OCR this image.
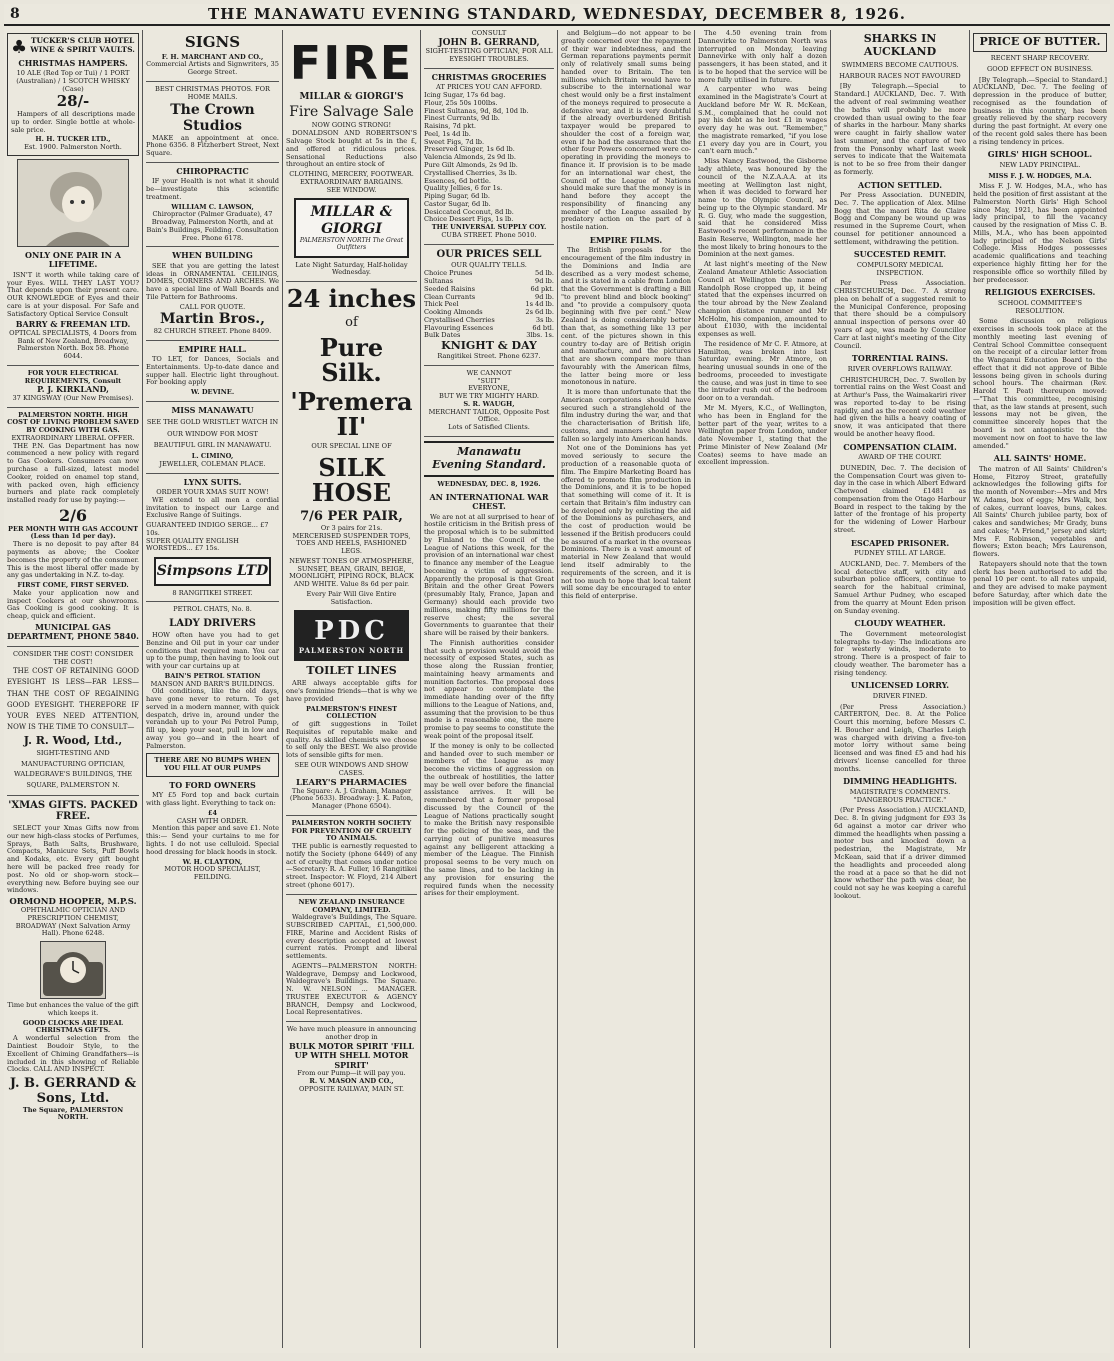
8	THE MANAWATU EVENING STANDARD, WEDNESDAY, DECEMBER 8, 1926.
♣ TUCKER'S CLUB HOTEL WINE & SPIRIT VAULTS.
CHRISTMAS HAMPERS.
10 ALE (Red Top or Tui) / 1 PORT (Australian) / 1 SCOTCH WHISKY (Case)
28/-

Hampers of all descriptions made up to order. Single bottle at whole-sale price.

H. H. TUCKER LTD.,
Est. 1900. Palmerston North.
ONLY ONE PAIR IN A LIFETIME.

ISN'T it worth while taking care of your Eyes. WILL THEY LAST YOU? That depends upon their present care. OUR KNOWLEDGE of Eyes and their care is at your disposal. For Safe and Satisfactory Optical Service Consult

BARRY & FREEMAN LTD.

OPTICAL SPECIALISTS, 4 Doors from Bank of New Zealand, Broadway, Palmerston North. Box 58. Phone 6044.

FOR YOUR ELECTRICAL REQUIREMENTS, Consult
P. J. KIRKLAND,
37 KINGSWAY (Our New Premises).
PALMERSTON NORTH. HIGH COST OF LIVING PROBLEM SAVED BY COOKING WITH GAS.
EXTRAORDINARY LIBERAL OFFER.

THE P.N. Gas Department has now commenced a new policy with regard to Gas Cookers. Consumers can now purchase a full-sized, latest model Cooker, roided on enamel top stand, with packed oven, high efficiency burners and plate rack completely installed ready for use by paying:—

2/6
PER MONTH WITH GAS ACCOUNT (Less than 1d per day).

There is no deposit to pay after 84 payments as above; the Cooker becomes the property of the consumer. This is the most liberal offer made by any gas undertaking in N.Z. to-day.

FIRST COME, FIRST SERVED.

Make your application now and inspect Cookers at our showrooms. Gas Cooking is good cooking. It is cheap, quick and efficient.

MUNICIPAL GAS DEPARTMENT, PHONE 5840.
CONSIDER THE COST! CONSIDER THE COST!

THE COST OF RETAINING GOOD EYESIGHT IS LESS—FAR LESS—THAN THE COST OF REGAINING GOOD EYESIGHT. THEREFORE IF YOUR EYES NEED ATTENTION, NOW IS THE TIME TO CONSULT—

J. R. Wood, Ltd.,

SIGHT-TESTING AND MANUFACTURING OPTICIAN, WALDEGRAVE'S BUILDINGS, THE SQUARE, PALMERSTON N.

'XMAS GIFTS. PACKED FREE.

SELECT your Xmas Gifts now from our new high-class stocks of Perfumes, Sprays, Bath Salts, Brushware, Compacts, Manicure Sets, Puff Bowls and Kodaks, etc. Every gift bought here will be packed free ready for post. No old or shop-worn stock—everything new. Before buying see our windows.

ORMOND HOOPER, M.P.S.

OPHTHALMIC OPTICIAN AND PRESCRIPTION CHEMIST, BROADWAY (Next Salvation Army Hall). Phone 6248.

Time but enhances the value of the gift which keeps it.

GOOD CLOCKS ARE IDEAL CHRISTMAS GIFTS.

A wonderful selection from the Daintiest Boudoir Style, to the Excellent of Chiming Grandfathers—is included in this showing of Reliable Clocks. CALL AND INSPECT.

J. B. GERRAND & Sons, Ltd.
The Square, PALMERSTON NORTH.
SIGNS
F. H. MARCHANT AND CO.,
Commercial Artists and Signwriters, 35 George Street.
BEST CHRISTMAS PHOTOS. FOR HOME MAILS.
The Crown Studios

MAKE an appointment at once. Phone 6356. 8 Fitzherbert Street, Next Square.

CHIROPRACTIC

IF your Health is not what it should be—investigate this scientific treatment.

WILLIAM C. LAWSON,

Chiropractor (Palmer Graduate), 47 Broadway, Palmerston North, and at Bain's Buildings, Feilding. Consultation Free. Phone 6178.

WHEN BUILDING

SEE that you are getting the latest ideas in ORNAMENTAL CEILINGS, DOMES, CORNERS AND ARCHES. We have a special line of Wall Boards and Tile Pattern for Bathrooms.

CALL FOR QUOTE.
Martin Bros.,
82 CHURCH STREET. Phone 8409.
EMPIRE HALL.

TO LET, for Dances, Socials and Entertainments. Up-to-date dance and supper hall. Electric light throughout. For booking apply

W. DEVINE.
MISS MANAWATU

SEE THE GOLD WRISTLET WATCH IN OUR WINDOW FOR MOST BEAUTIFUL GIRL IN MANAWATU.

L. CIMINO,
JEWELLER, COLEMAN PLACE.
LYNX SUITS.
ORDER YOUR XMAS SUIT NOW!

WE extend to all men a cordial invitation to inspect our Large and Exclusive Range of Suitings.

GUARANTEED INDIGO SERGE... £7 10s.
SUPER QUALITY ENGLISH WORSTEDS... £7 15s.
Simpsons LTD
8 RANGITIKEI STREET.
PETROL CHATS, No. 8.
LADY DRIVERS

HOW often have you had to get Benzine and Oil put in your car under conditions that required man. You car up to the pump, then having to look out with your car curtains up at

BAIN'S PETROL STATION
MANSON AND BARR'S BUILDINGS.

Old conditions, like the old days, have gone never to return. To get served in a modern manner, with quick despatch, drive in, around under the verandah up to your Pei Petrol Pump, fill up, keep your seat, pull in low and away you go—and in the heart of Palmerston.

THERE ARE NO BUMPS WHEN YOU FILL AT OUR PUMPS
TO FORD OWNERS

MY £5 Ford top and back curtain with glass light. Everything to tack on:

£4
CASH WITH ORDER.

Mention this paper and save £1. Note this:— Send your curtains to me for lights. I do not use celluloid. Special hood dressing for black hoods in stock.

W. H. CLAYTON,
MOTOR HOOD SPECIALIST, FEILDING.
FIRE
MILLAR & GIORGI'S
Fire Salvage Sale
NOW GOING STRONG!

DONALDSON AND ROBERTSON'S Salvage Stock bought at 5s in the £, and offered at ridiculous prices. Sensational Reductions also throughout an entire stock of

CLOTHING, MERCERY, FOOTWEAR.
EXTRAORDINARY BARGAINS.
SEE WINDOW.
MILLAR & GIORGI
PALMERSTON NORTH The Great Outfitters
Late Night Saturday, Half-holiday Wednesday.
24 inches
of
Pure Silk.
'Premera II'
OUR SPECIAL LINE OF
SILK HOSE
7/6 PER PAIR,
Or 3 pairs for 21s.

MERCERISED SUSPENDER TOPS, TOES AND HEELS, FASHIONED LEGS.

NEWEST TONES OF ATMOSPHERE, SUNSET, BEAN, GRAIN, BEIGE, MOONLIGHT, PIPING ROCK, BLACK AND WHITE. Value 8s 6d per pair.

Every Pair Will Give Entire Satisfaction.
PDC
PALMERSTON NORTH
TOILET LINES

ARE always acceptable gifts for one's feminine friends—that is why we have provided

PALMERSTON'S FINEST COLLECTION

of gift suggestions in Toilet Requisites of reputable make and quality. As skilled chemists we choose to sell only the BEST. We also provide lots of sensible gifts for men.

SEE OUR WINDOWS AND SHOW CASES.
LEARY'S PHARMACIES

The Square: A. J. Graham, Manager (Phone 5633). Broadway: J. K. Paton, Manager (Phone 6504).

PALMERSTON NORTH SOCIETY FOR PREVENTION OF CRUELTY TO ANIMALS.

THE public is earnestly requested to notify the Society (phone 6449) of any act of cruelty that comes under notice—Secretary: R. A. Fuller, 16 Rangitikei street. Inspector: W. Floyd, 214 Albert street (phone 6017).

NEW ZEALAND INSURANCE COMPANY, LIMITED.

Waldegrave's Buildings, The Square. SUBSCRIBED CAPITAL, £1,500,000. FIRE, Marine and Accident Risks of every description accepted at lowest current rates. Prompt and liberal settlements.

AGENTS—PALMERSTON NORTH: Waldegrave, Dempsy and Lockwood, Waldegrave's Buildings. The Square. N. W. NELSON ... MANAGER. TRUSTEE EXECUTOR & AGENCY BRANCH, Dempsy and Lockwood, Local Representatives.

We have much pleasure in announcing
another drop in
BULK MOTOR SPIRIT 'FILL UP WITH SHELL MOTOR SPIRIT'
From our Pump—it will pay you.
R. V. MASON AND CO.,
OPPOSITE RAILWAY, MAIN ST.
CONSULT
JOHN B. GERRAND,
SIGHT-TESTING OPTICIAN, FOR ALL EYESIGHT TROUBLES.
CHRISTMAS GROCERIES
AT PRICES YOU CAN AFFORD.
Icing Sugar, 17s 6d bag.
Flour, 25s 50s 100lbs.
Finest Sultanas, 9d, 8d, 10d lb.
Finest Currants, 9d lb.
Raisins, 7d pkt.
Peel, 1s 4d lb.
Sweet Figs, 7d lb.
Preserved Ginger, 1s 6d lb.
Valencia Almonds, 2s 9d lb.
Pure Gilt Almonds, 2s 9d lb.
Crystallised Cherries, 3s lb.
Essences, 6d bottle.
Quality Jellies, 6 for 1s.
Piping Sugar, 6d lb.
Castor Sugar, 6d lb.
Desiccated Coconut, 8d lb.
Choice Dessert Figs, 1s lb.
THE UNIVERSAL SUPPLY COY.
CUBA STREET. Phone 5010.
OUR PRICES SELL
OUR QUALITY TELLS.
Choice Prunes	5d lb.
Sultanas	9d lb.
Seeded Raisins	6d pkt.
Clean Currants	9d lb.
Thick Peel	1s 4d lb.
Cooking Almonds	2s 6d lb.
Crystallised Cherries	3s lb.
Flavouring Essences	6d btl.
Bulk Dates	3lbs. 1s.
KNIGHT & DAY
Rangitikei Street. Phone 6237.
WE CANNOT
"SUIT"
EVERYONE,
BUT WE TRY MIGHTY HARD.
S. R. WAUGH,
MERCHANT TAILOR, Opposite Post Office.
Lots of Satisfied Clients.
Manawatu
Evening Standard.
WEDNESDAY, DEC. 8, 1926.
AN INTERNATIONAL WAR CHEST.

We are not at all surprised to hear of hostile criticism in the British press of the proposal which is to be submitted by Finland to the Council of the League of Nations this week, for the provision of an international war chest to finance any member of the League becoming a victim of aggression. Apparently the proposal is that Great Britain and the other Great Powers (presumably Italy, France, Japan and Germany) should each provide two millions, making fifty millions for the reserve chest; the several Governments to guarantee that their share will be raised by their bankers.

The Finnish authorities consider that such a provision would avoid the necessity of exposed States, such as those along the Russian frontier, maintaining heavy armaments and munition factories. The proposal does not appear to contemplate the immediate handing over of the fifty millions to the League of Nations, and, assuming that the provision to be thus made is a reasonable one, the mere promise to pay seems to constitute the weak point of the proposal itself.

If the money is only to be collected and handed over to such member or members of the League as may become the victims of aggression on the outbreak of hostilities, the latter may be well over before the financial assistance arrives. It will be remembered that a former proposal discussed by the Council of the League of Nations practically sought to make the British navy responsible for the policing of the seas, and the carrying out of punitive measures against any belligerent attacking a member of the League. The Finnish proposal seems to be very much on the same lines, and to be lacking in any provision for ensuring the required funds when the necessity arises for their employment.

and Belgium—do not appear to be greatly concerned over the repayment of their war indebtedness, and the German reparations payments permit only of relatively small sums being handed over to Britain. The ten millions which Britain would have to subscribe to the international war chest would only be a first instalment of the moneys required to prosecute a defensive war, and it is very doubtful if the already overburdened British taxpayer would be prepared to shoulder the cost of a foreign war, even if he had the assurance that the other four Powers concerned were co-operating in providing the moneys to finance it. If provision is to be made for an international war chest, the Council of the League of Nations should make sure that the money is in hand before they accept the responsibility of financing any member of the League assailed by predatory action on the part of a hostile nation.

EMPIRE FILMS.

The British proposals for the encouragement of the film industry in the Dominions and India are described as a very modest scheme, and it is stated in a cable from London that the Government is drafting a Bill "to prevent blind and block booking" and "to provide a compulsory quota beginning with five per cent." New Zealand is doing considerably better than that, as something like 13 per cent. of the pictures shown in this country to-day are of British origin and manufacture, and the pictures that are shown compare more than favourably with the American films, the latter being more or less monotonous in nature.

It is more than unfortunate that the American corporations should have secured such a stranglehold of the film industry during the war, and that the characterisation of British life, customs, and manners should have fallen so largely into American hands.

Not one of the Dominions has yet moved seriously to secure the production of a reasonable quota of film. The Empire Marketing Board has offered to promote film production in the Dominions, and it is to be hoped that something will come of it. It is certain that Britain's film industry can be developed only by enlisting the aid of the Dominions as purchasers, and the cost of production would be lessened if the British producers could be assured of a market in the overseas Dominions. There is a vast amount of material in New Zealand that would lend itself admirably to the requirements of the screen, and it is not too much to hope that local talent will some day be encouraged to enter this field of enterprise.

The 4.50 evening train from Dannevirke to Palmerston North was interrupted on Monday, leaving Dannevirke with only half a dozen passengers, it has been stated, and it is to be hoped that the service will be more fully utilised in future.

A carpenter who was being examined in the Magistrate's Court at Auckland before Mr W. R. McKean, S.M., complained that he could not pay his debt as he lost £1 in wages every day he was out. "Remember," the magistrate remarked, "if you lose £1 every day you are in Court, you can't earn much."

Miss Nancy Eastwood, the Gisborne lady athlete, was honoured by the council of the N.Z.A.A.A. at its meeting at Wellington last night, when it was decided to forward her name to the Olympic Council, as being up to the Olympic standard. Mr R. G. Guy, who made the suggestion, said that he considered Miss Eastwood's recent performance in the Basin Reserve, Wellington, made her the most likely to bring honours to the Dominion at the next games.

At last night's meeting of the New Zealand Amateur Athletic Association Council at Wellington the name of Randolph Rose cropped up, it being stated that the expenses incurred on the tour abroad by the New Zealand champion distance runner and Mr McHolm, his companion, amounted to about £1030, with the incidental expenses as well.

The residence of Mr C. F. Atmore, at Hamilton, was broken into last Saturday evening. Mr Atmore, on hearing unusual sounds in one of the bedrooms, proceeded to investigate the cause, and was just in time to see the intruder rush out of the bedroom door on to a verandah.

Mr M. Myers, K.C., of Wellington, who has been in England for the better part of the year, writes to a Wellington paper from London, under date November 1, stating that the Prime Minister of New Zealand (Mr Coates) seems to have made an excellent impression.

SHARKS IN AUCKLAND
SWIMMERS BECOME CAUTIOUS.
HARBOUR RACES NOT FAVOURED

[By Telegraph.—Special to Standard.] AUCKLAND, Dec. 7. With the advent of real swimming weather the baths will probably be more crowded than usual owing to the fear of sharks in the harbour. Many sharks were caught in fairly shallow water last summer, and the capture of two from the Ponsonby wharf last week serves to indicate that the Waitemata is not to be so free from their danger as formerly.

ACTION SETTLED.

Per Press Association. DUNEDIN, Dec. 7. The application of Alex. Milne Bogg that the maori Rita de Claire Bogg and Company be wound up was resumed in the Supreme Court, when counsel for petitioner announced a settlement, withdrawing the petition.

SUCCESTED REMIT.
COMPULSORY MEDICAL INSPECTION.

Per Press Association. CHRISTCHURCH, Dec. 7. A strong plea on behalf of a suggested remit to the Municipal Conference, proposing that there should be a compulsory annual inspection of persons over 40 years of age, was made by Councillor Carr at last night's meeting of the City Council.

TORRENTIAL RAINS.
RIVER OVERFLOWS RAILWAY.

CHRISTCHURCH, Dec. 7. Swollen by torrential rains on the West Coast and at Arthur's Pass, the Waimakariri river was reported to-day to be rising rapidly, and as the recent cold weather had given the hills a heavy coating of snow, it was anticipated that there would be another heavy flood.

COMPENSATION CLAIM.
AWARD OF THE COURT.

DUNEDIN, Dec. 7. The decision of the Compensation Court was given to-day in the case in which Albert Edward Chetwood claimed £1481 as compensation from the Otago Harbour Board in respect to the taking by the latter of the frontage of his property for the widening of Lower Harbour street.

ESCAPED PRISONER.
PUDNEY STILL AT LARGE.

AUCKLAND, Dec. 7. Members of the local detective staff, with city and suburban police officers, continue to search for the habitual criminal, Samuel Arthur Pudney, who escaped from the quarry at Mount Eden prison on Sunday evening.

CLOUDY WEATHER.

The Government meteorologist telegraphs to-day: The indications are for westerly winds, moderate to strong. There is a prospect of fair to cloudy weather. The barometer has a rising tendency.

UNLICENSED LORRY.
DRIVER FINED.

(Per Press Association.) CARTERTON, Dec. 8. At the Police Court this morning, before Messrs C. H. Boucher and Leigh, Charles Leigh was charged with driving a five-ton motor lorry without same being licensed and was fined £5 and had his drivers' license cancelled for three months.

DIMMING HEADLIGHTS.
MAGISTRATE'S COMMENTS. "DANGEROUS PRACTICE."

(Per Press Association.) AUCKLAND, Dec. 8. In giving judgment for £93 3s 6d against a motor car driver who dimmed the headlights when passing a motor bus and knocked down a pedestrian, the Magistrate, Mr McKean, said that if a driver dimmed the headlights and proceeded along the road at a pace so that he did not know whether the path was clear, he could not say he was keeping a careful lookout.

PRICE OF BUTTER.
RECENT SHARP RECOVERY.
GOOD EFFECT ON BUSINESS.

[By Telegraph.—Special to Standard.] AUCKLAND, Dec. 7. The feeling of depression in the produce of butter, recognised as the foundation of business in this country, has been greatly relieved by the sharp recovery during the past fortnight. At every one of the recent gold sales there has been a rising tendency in prices.

GIRLS' HIGH SCHOOL.
NEW LADY PRINCIPAL.
MISS F. J. W. HODGES, M.A.

Miss F. J. W. Hodges, M.A., who has held the position of first assistant at the Palmerston North Girls' High School since May, 1921, has been appointed lady principal, to fill the vacancy caused by the resignation of Miss C. B. Mills, M.A., who has been appointed lady principal of the Nelson Girls' College. Miss Hodges possesses academic qualifications and teaching experience highly fitting her for the responsible office so worthily filled by her predecessor.

RELIGIOUS EXERCISES.
SCHOOL COMMITTEE'S RESOLUTION.

Some discussion on religious exercises in schools took place at the monthly meeting last evening of Central School Committee consequent on the receipt of a circular letter from the Wanganui Education Board to the effect that it did not approve of Bible lessons being given in schools during school hours. The chairman (Rev. Harold T. Peat) thereupon moved:—"That this committee, recognising that, as the law stands at present, such lessons may not be given, the committee sincerely hopes that the board is not antagonistic to the movement now on foot to have the law amended."

ALL SAINTS' HOME.

The matron of All Saints' Children's Home, Fitzroy Street, gratefully acknowledges the following gifts for the month of November:—Mrs and Mrs W. Adams, box of eggs; Mrs Walk, box of cakes, currant loaves, buns, cakes. All Saints' Church jubilee party, box of cakes and sandwiches; Mr Grady, buns and cakes; "A Friend," jersey and skirt; Mrs F. Robinson, vegetables and flowers; Exton beach; Mrs Laurenson, flowers.

Ratepayers should note that the town clerk has been authorised to add the penal 10 per cent. to all rates unpaid, and they are advised to make payment before Saturday, after which date the imposition will be given effect.
